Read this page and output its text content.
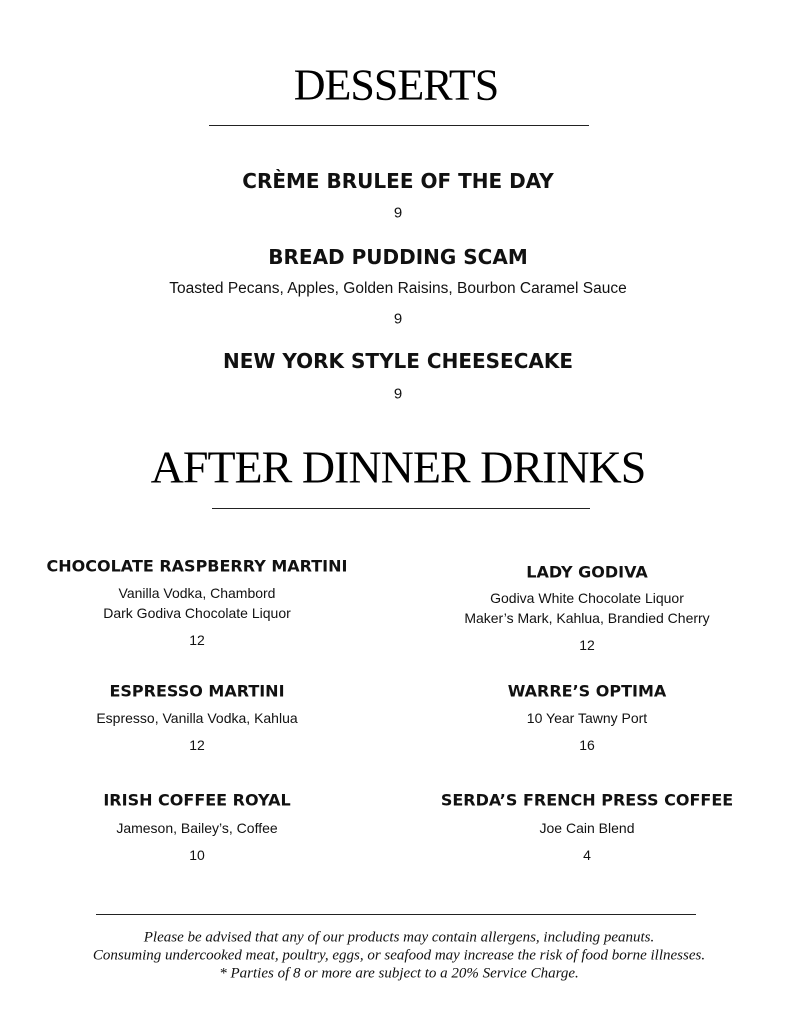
DESSERTS
CRÈME BRULEE OF THE DAY
9
BREAD PUDDING SCAM
Toasted Pecans, Apples, Golden Raisins, Bourbon Caramel Sauce
9
NEW YORK STYLE CHEESECAKE
9
AFTER DINNER DRINKS
CHOCOLATE RASPBERRY MARTINI
Vanilla Vodka, Chambord
Dark Godiva Chocolate Liquor
12
ESPRESSO MARTINI
Espresso, Vanilla Vodka, Kahlua
12
IRISH COFFEE ROYAL
Jameson, Bailey’s, Coffee
10
LADY GODIVA
Godiva White Chocolate Liquor
Maker’s Mark, Kahlua, Brandied Cherry
12
WARRE’S OPTIMA
10 Year Tawny Port
16
SERDA’S FRENCH PRESS COFFEE
Joe Cain Blend
4
Please be advised that any of our products may contain allergens, including peanuts.
Consuming undercooked meat, poultry, eggs, or seafood may increase the risk of food borne illnesses.
* Parties of 8 or more are subject to a 20% Service Charge.
